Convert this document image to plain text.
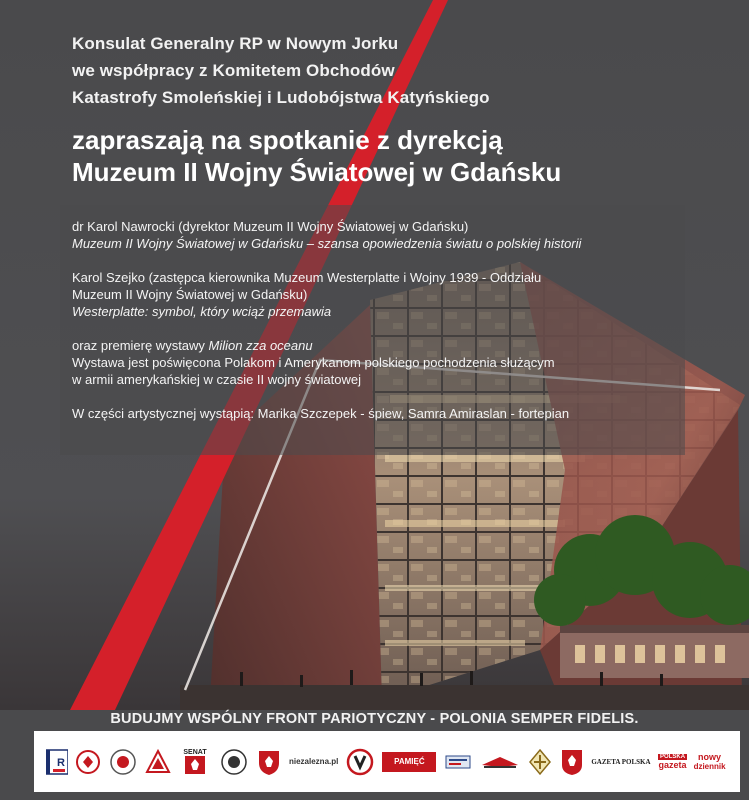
Konsulat Generalny RP w Nowym Jorku
we współpracy z Komitetem Obchodów
Katastrofy Smoleńskiej i Ludobójstwa Katyńskiego
zapraszają na spotkanie z dyrekcją
Muzeum II Wojny Światowej w Gdańsku
dr Karol Nawrocki (dyrektor Muzeum II Wojny Światowej w Gdańsku)
Muzeum II Wojny Światowej w Gdańsku – szansa opowiedzenia światu o polskiej historii
Karol Szejko (zastępca kierownika Muzeum Westerplatte i Wojny 1939 - Oddziału
Muzeum II Wojny Światowej w Gdańsku)
Westerplatte: symbol, który wciąż przemawia
oraz premierę wystawy Milion zza oceanu
Wystawa jest poświęcona Polakom i Amerykanom polskiego pochodzenia służącym
w armii amerykańskiej w czasie II wojny światowej
W części artystycznej wystąpią: Marika Szczepek - śpiew, Samra Amiraslan - fortepian
BUDUJMY WSPÓLNY FRONT PARIOTYCZNY - POLONIA SEMPER FIDELIS.
R
SENAT
niezalezna.pl	PAMIĘĆ	GAZETA POLSKA
POLSKA
gazeta
nowy
dziennik
